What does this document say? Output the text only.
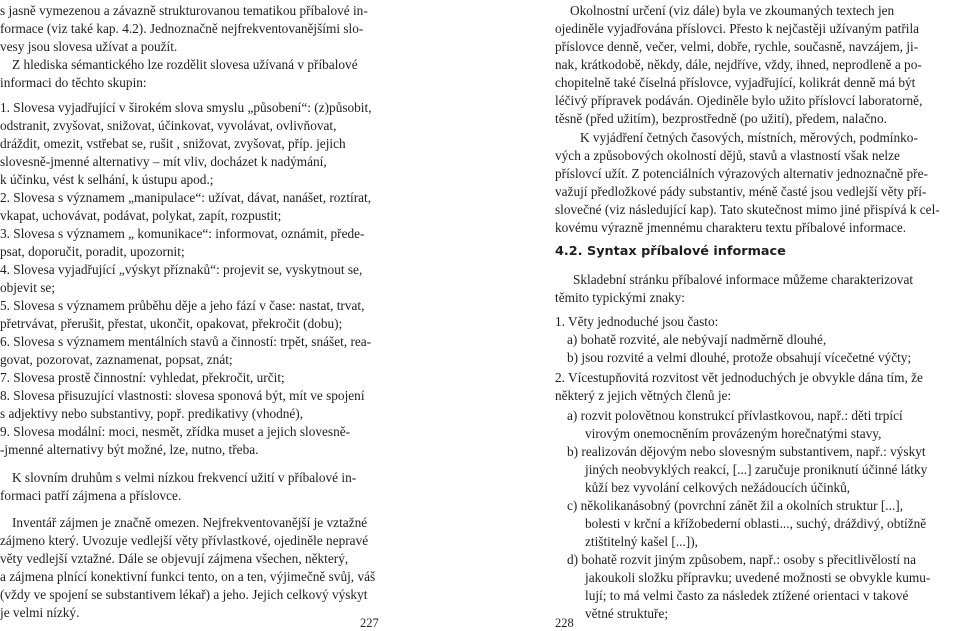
s jasně vymezenou a závazně strukturovanou tematikou příbalové in-
formace (viz také kap. 4.2). Jednoznačně nejfrekventovanějšími slo-
vesy jsou slovesa užívat a použít.
Z hlediska sémantického lze rozdělit slovesa užívaná v příbalové
informaci do těchto skupin:
1. Slovesa vyjadřující v širokém slova smyslu „působení“: (z)působit,
odstranit, zvyšovat, snižovat, účinkovat, vyvolávat, ovlivňovat,
dráždit, omezit, vstřebat se, rušit , snižovat, zvyšovat, příp. jejich
slovesně-jmenné alternativy – mít vliv, docházet k nadýmání,
k účinku, vést k selhání, k ústupu apod.;
2. Slovesa s významem „manipulace“: užívat, dávat, nanášet, roztírat,
vkapat, uchovávat, podávat, polykat, zapít, rozpustit;
3. Slovesa s významem „ komunikace“: informovat, oznámit, přede-
psat, doporučit, poradit, upozornit;
4. Slovesa vyjadřující „výskyt příznaků“: projevit se, vyskytnout se,
objevit se;
5. Slovesa s významem průběhu děje a jeho fází v čase: nastat, trvat,
přetrvávat, přerušit, přestat, ukončit, opakovat, překročit (dobu);
6. Slovesa s významem mentálních stavů a činností: trpět, snášet, rea-
govat, pozorovat, zaznamenat, popsat, znát;
7. Slovesa prostě činnostní: vyhledat, překročit, určit;
8. Slovesa přisuzující vlastnosti: slovesa sponová být, mít ve spojení
s adjektivy nebo substantivy, popř. predikativy (vhodné),
9. Slovesa modální: moci, nesmět, zřídka muset a jejich slovesně-
-jmenné alternativy být možné, lze, nutno, třeba.
K slovním druhům s velmi nízkou frekvencí užití v příbalové in-
formaci patří zájmena a příslovce.
Inventář zájmen je značně omezen. Nejfrekventovanější je vztažné
zájmeno který. Uvozuje vedlejší věty přívlastkové, ojediněle nepravé
věty vedlejší vztažné. Dále se objevují zájmena všechen, některý,
a zájmena plnící konektivní funkci tento, on a ten, výjimečně svůj, váš
(vždy ve spojení se substantivem lékař) a jeho. Jejich celkový výskyt
je velmi nízký.
Okolnostní určení (viz dále) byla ve zkoumaných textech jen
ojediněle vyjadřována příslovci. Přesto k nejčastěji užívaným patřila
příslovce denně, večer, velmi, dobře, rychle, současně, navzájem, ji-
nak, krátkodobě, někdy, dále, nejdříve, vždy, ihned, neprodleně a po-
chopitelně také číselná příslovce, vyjadřující, kolikrát denně má být
léčivý přípravek podáván. Ojediněle bylo užito příslovcí laboratorně,
těsně (před užitím), bezprostředně (po užití), předem, nalačno.
K vyjádření četných časových, místních, měrových, podmínko-
vých a způsobových okolností dějů, stavů a vlastností však nelze
příslovcí užít. Z potenciálních výrazových alternativ jednoznačně pře-
važují předložkové pády substantiv, méně časté jsou vedlejší věty pří-
slovečné (viz následující kap). Tato skutečnost mimo jiné přispívá k cel-
kovému výrazně jmennému charakteru textu příbalové informace.
4.2. Syntax příbalové informace
Skladební stránku příbalové informace můžeme charakterizovat
těmito typickými znaky:
1. Věty jednoduché jsou často:
a) bohatě rozvité, ale nebývají nadměrně dlouhé,
b) jsou rozvité a velmi dlouhé, protože obsahují vícečetné výčty;
2. Vícestupňovitá rozvitost vět jednoduchých je obvykle dána tím, že
některý z jejich větných členů je:
a) rozvit polovětnou konstrukcí přívlastkovou, např.: děti trpící
virovým onemocněním provázeným horečnatými stavy,
b) realizován dějovým nebo slovesným substantivem, např.: výskyt
jiných neobvyklých reakcí, [...] zaručuje proniknutí účinné látky
kůží bez vyvolání celkových nežádoucích účinků,
c) několikanásobný (povrchní zánět žil a okolních struktur [...],
bolesti v krční a křížobederní oblasti..., suchý, dráždivý, obtížně
ztištitelný kašel [...]),
d) bohatě rozvit jiným způsobem, např.: osoby s přecitlivělostí na
jakoukoli složku přípravku; uvedené možnosti se obvykle kumu-
lují; to má velmi často za následek ztížené orientaci v takové
větné struktuře;
227	228
